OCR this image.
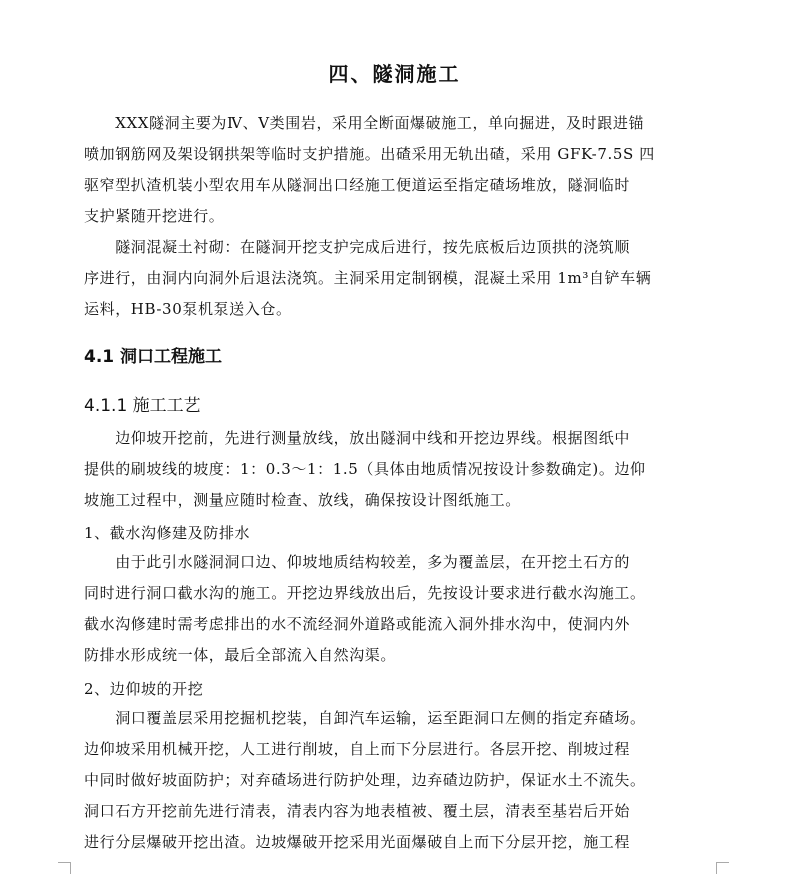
四、隧洞施工
　　XXX隧洞主要为Ⅳ、Ⅴ类围岩，采用全断面爆破施工，单向掘进，及时跟进锚
喷加钢筋网及架设钢拱架等临时支护措施。出碴采用无轨出碴，采用 GFK-7.5S 四
驱窄型扒渣机装小型农用车从隧洞出口经施工便道运至指定碴场堆放，隧洞临时
支护紧随开挖进行。
　　隧洞混凝土衬砌：在隧洞开挖支护完成后进行，按先底板后边顶拱的浇筑顺
序进行，由洞内向洞外后退法浇筑。主洞采用定制钢模，混凝土采用 1m³自铲车辆
运料，HB-30泵机泵送入仓。
4.1 洞口工程施工
4.1.1 施工工艺
　　边仰坡开挖前，先进行测量放线，放出隧洞中线和开挖边界线。根据图纸中
提供的刷坡线的坡度：1：0.3～1：1.5（具体由地质情况按设计参数确定)。边仰
坡施工过程中，测量应随时检查、放线，确保按设计图纸施工。
1、截水沟修建及防排水
　　由于此引水隧洞洞口边、仰坡地质结构较差，多为覆盖层，在开挖土石方的
同时进行洞口截水沟的施工。开挖边界线放出后，先按设计要求进行截水沟施工。
截水沟修建时需考虑排出的水不流经洞外道路或能流入洞外排水沟中，使洞内外
防排水形成统一体，最后全部流入自然沟渠。
2、边仰坡的开挖
　　洞口覆盖层采用挖掘机挖装，自卸汽车运输，运至距洞口左侧的指定弃碴场。
边仰坡采用机械开挖，人工进行削坡，自上而下分层进行。各层开挖、削坡过程
中同时做好坡面防护；对弃碴场进行防护处理，边弃碴边防护，保证水土不流失。
洞口石方开挖前先进行清表，清表内容为地表植被、覆土层，清表至基岩后开始
进行分层爆破开挖出渣。边坡爆破开挖采用光面爆破自上而下分层开挖，施工程
